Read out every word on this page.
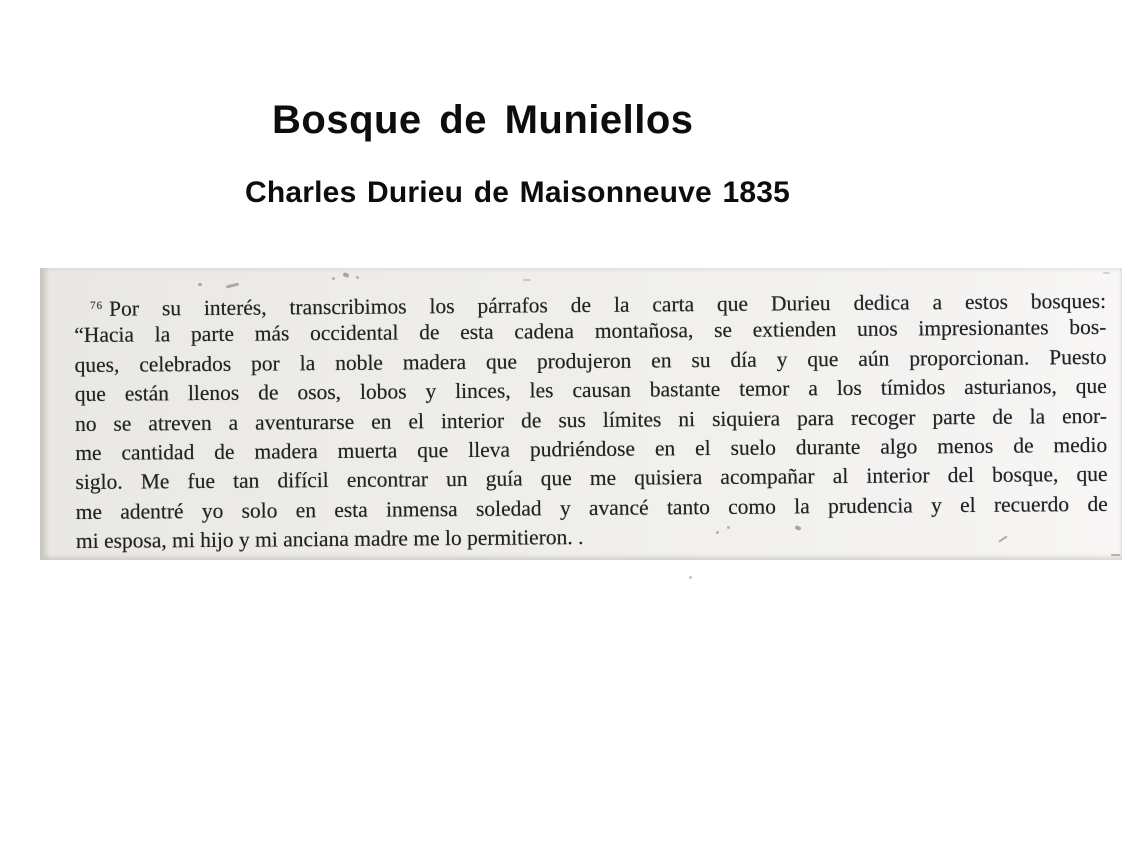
Bosque de Muniellos
Charles Durieu de Maisonneuve 1835
$^{76}$ Por su interés, transcribimos los párrafos de la carta que Durieu dedica a estos bosques:
“Hacia la parte más occidental de esta cadena montañosa, se extienden unos impresionantes bos-
ques, celebrados por la noble madera que produjeron en su día y que aún proporcionan. Puesto
que están llenos de osos, lobos y linces, les causan bastante temor a los tímidos asturianos, que
no se atreven a aventurarse en el interior de sus límites ni siquiera para recoger parte de la enor-
me cantidad de madera muerta que lleva pudriéndose en el suelo durante algo menos de medio
siglo. Me fue tan difícil encontrar un guía que me quisiera acompañar al interior del bosque, que
me adentré yo solo en esta inmensa soledad y avancé tanto como la prudencia y el recuerdo de
mi esposa, mi hijo y mi anciana madre me lo permitieron. .
